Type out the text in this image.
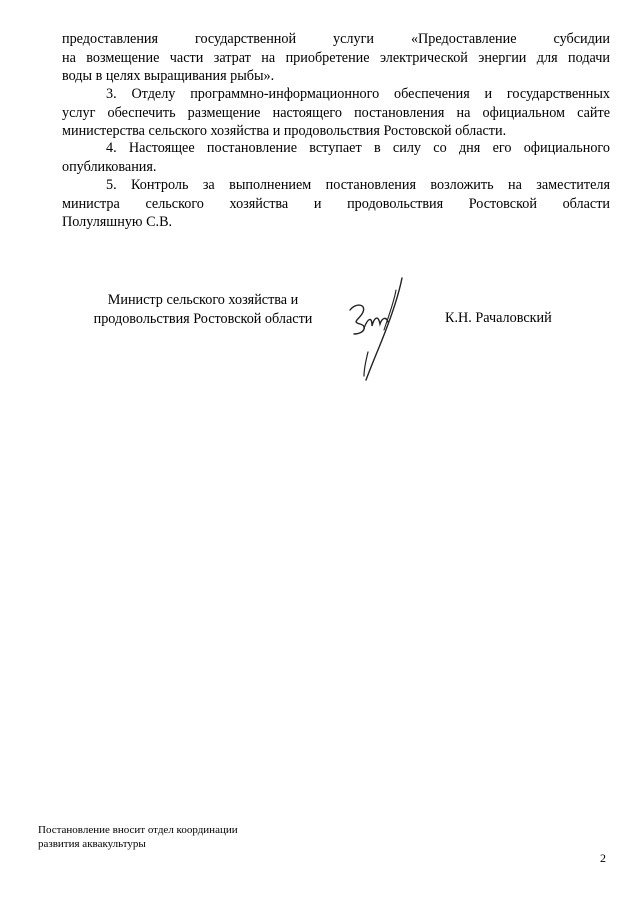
предоставления государственной услуги «Предоставление субсидии
на возмещение части затрат на приобретение электрической энергии для подачи
воды в целях выращивания рыбы».
3. Отделу программно-информационного обеспечения и государственных
услуг обеспечить размещение настоящего постановления на официальном сайте
министерства сельского хозяйства и продовольствия Ростовской области.
4. Настоящее постановление вступает в силу со дня его официального
опубликования.
5. Контроль за выполнением постановления возложить на заместителя
министра сельского хозяйства и продовольствия Ростовской области
Полуляшную С.В.
Министр сельского хозяйства и
продовольствия Ростовской области	К.Н. Рачаловский
Постановление вносит отдел координации
развития аквакультуры
2
